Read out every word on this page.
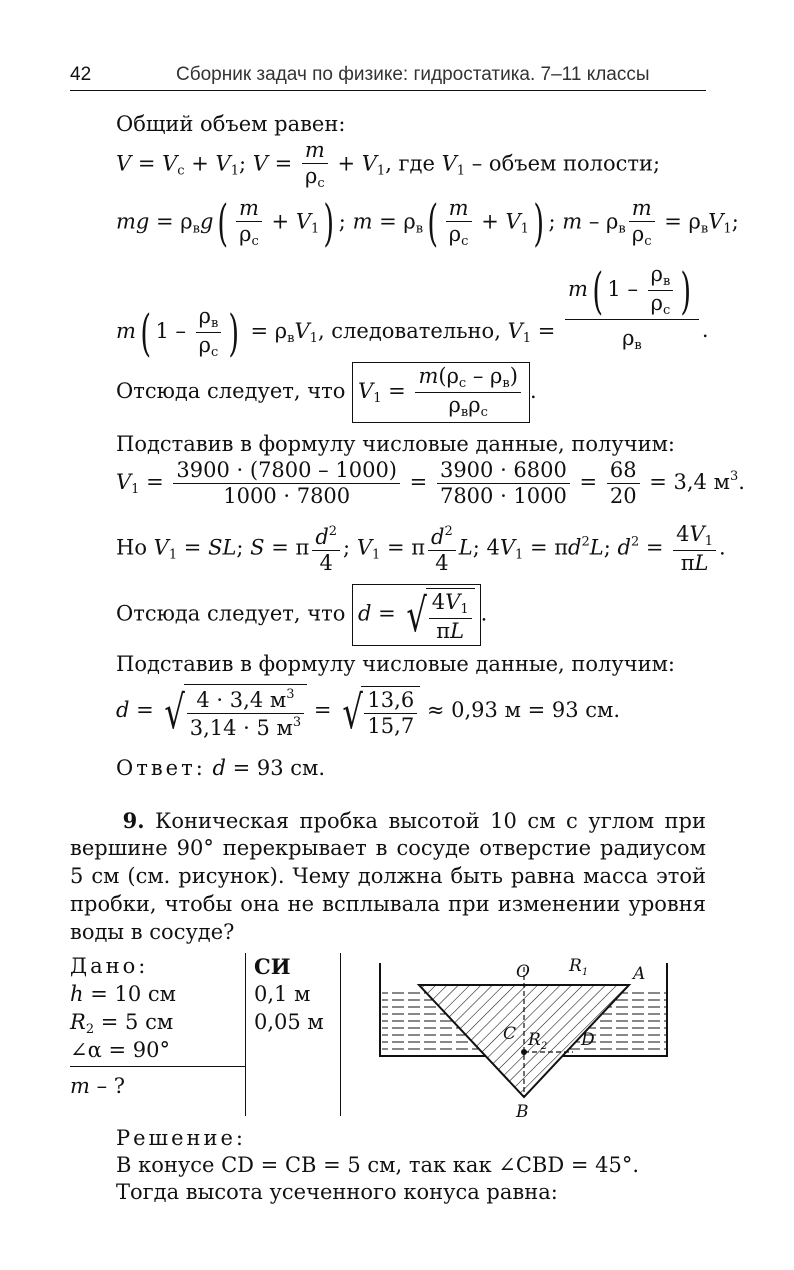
42	Сборник задач по физике: гидростатика. 7–11 классы
Общий объем равен:
$V = V_с + V_1$; $V = \frac{m}{\rho_с} + V_1$, где $V_1$ – объем полости;
mg = $\rho_вg( \frac{m}{\rho_с} + V_1)$ ; $m = \rho_в( \frac{m}{\rho_с} + V_1)$ ; $m - \rho_в \frac{m}{\rho_с} = \rho_вV_1$;
m( $1 - \frac{\rho_в}{\rho_с}$ ) = $\rho_вV_1$, следовательно, $V_1 = \frac{m( 1 - \frac{\rho_в}{\rho_с} )}{\rho_в}$ .
Отсюда следует, что $V_1 = \frac{m(\rho_с - \rho_в)}{\rho_в\rho_с}$ .
Подставив в формулу числовые данные, получим:
$V_1 = \frac{3900 \cdot (7800 - 1000)}{1000 \cdot 7800} = \frac{3900 \cdot 6800}{7800 \cdot 1000} = \frac{68}{20} = 3,4$ $м^3$.
Но $V_1$ = SL; S = π $\frac{d^2}{4}$ ; $V_1 = \pi \frac{d^2}{4} L$; $4V_1 = \pi d^2L$; $d^2 = \frac{4V_1}{\pi L}$ .
Отсюда следует, что d = √ $\frac{4V_1}{\pi L}$ .
Подставив в формулу числовые данные, получим:
d = √ $\frac{4 \cdot 3,4 м^3}{3,14 \cdot 5 м^3}$ = √ $\frac{13,6}{15,7} \approx 0,93$ м = 93 см.
Ответ: d = 93 см.
9. Коническая пробка высотой 10 см с углом при
вершине 90° перекрывает в сосуде отверстие радиусом
5 см (см. рисунок). Чему должна быть равна масса этой
пробки, чтобы она не всплывала при изменении уровня
воды в сосуде?
Дано:
h = 10 см
$R_2 = 5$ см
∠α = 90°
m – ?
СИ
0,1 м
0,05 м
O $R_1$	A
C $R_2$ D
B
Решение:
В конусе CD = CB = 5 см, так как ∠CBD = 45°.
Тогда высота усеченного конуса равна:
